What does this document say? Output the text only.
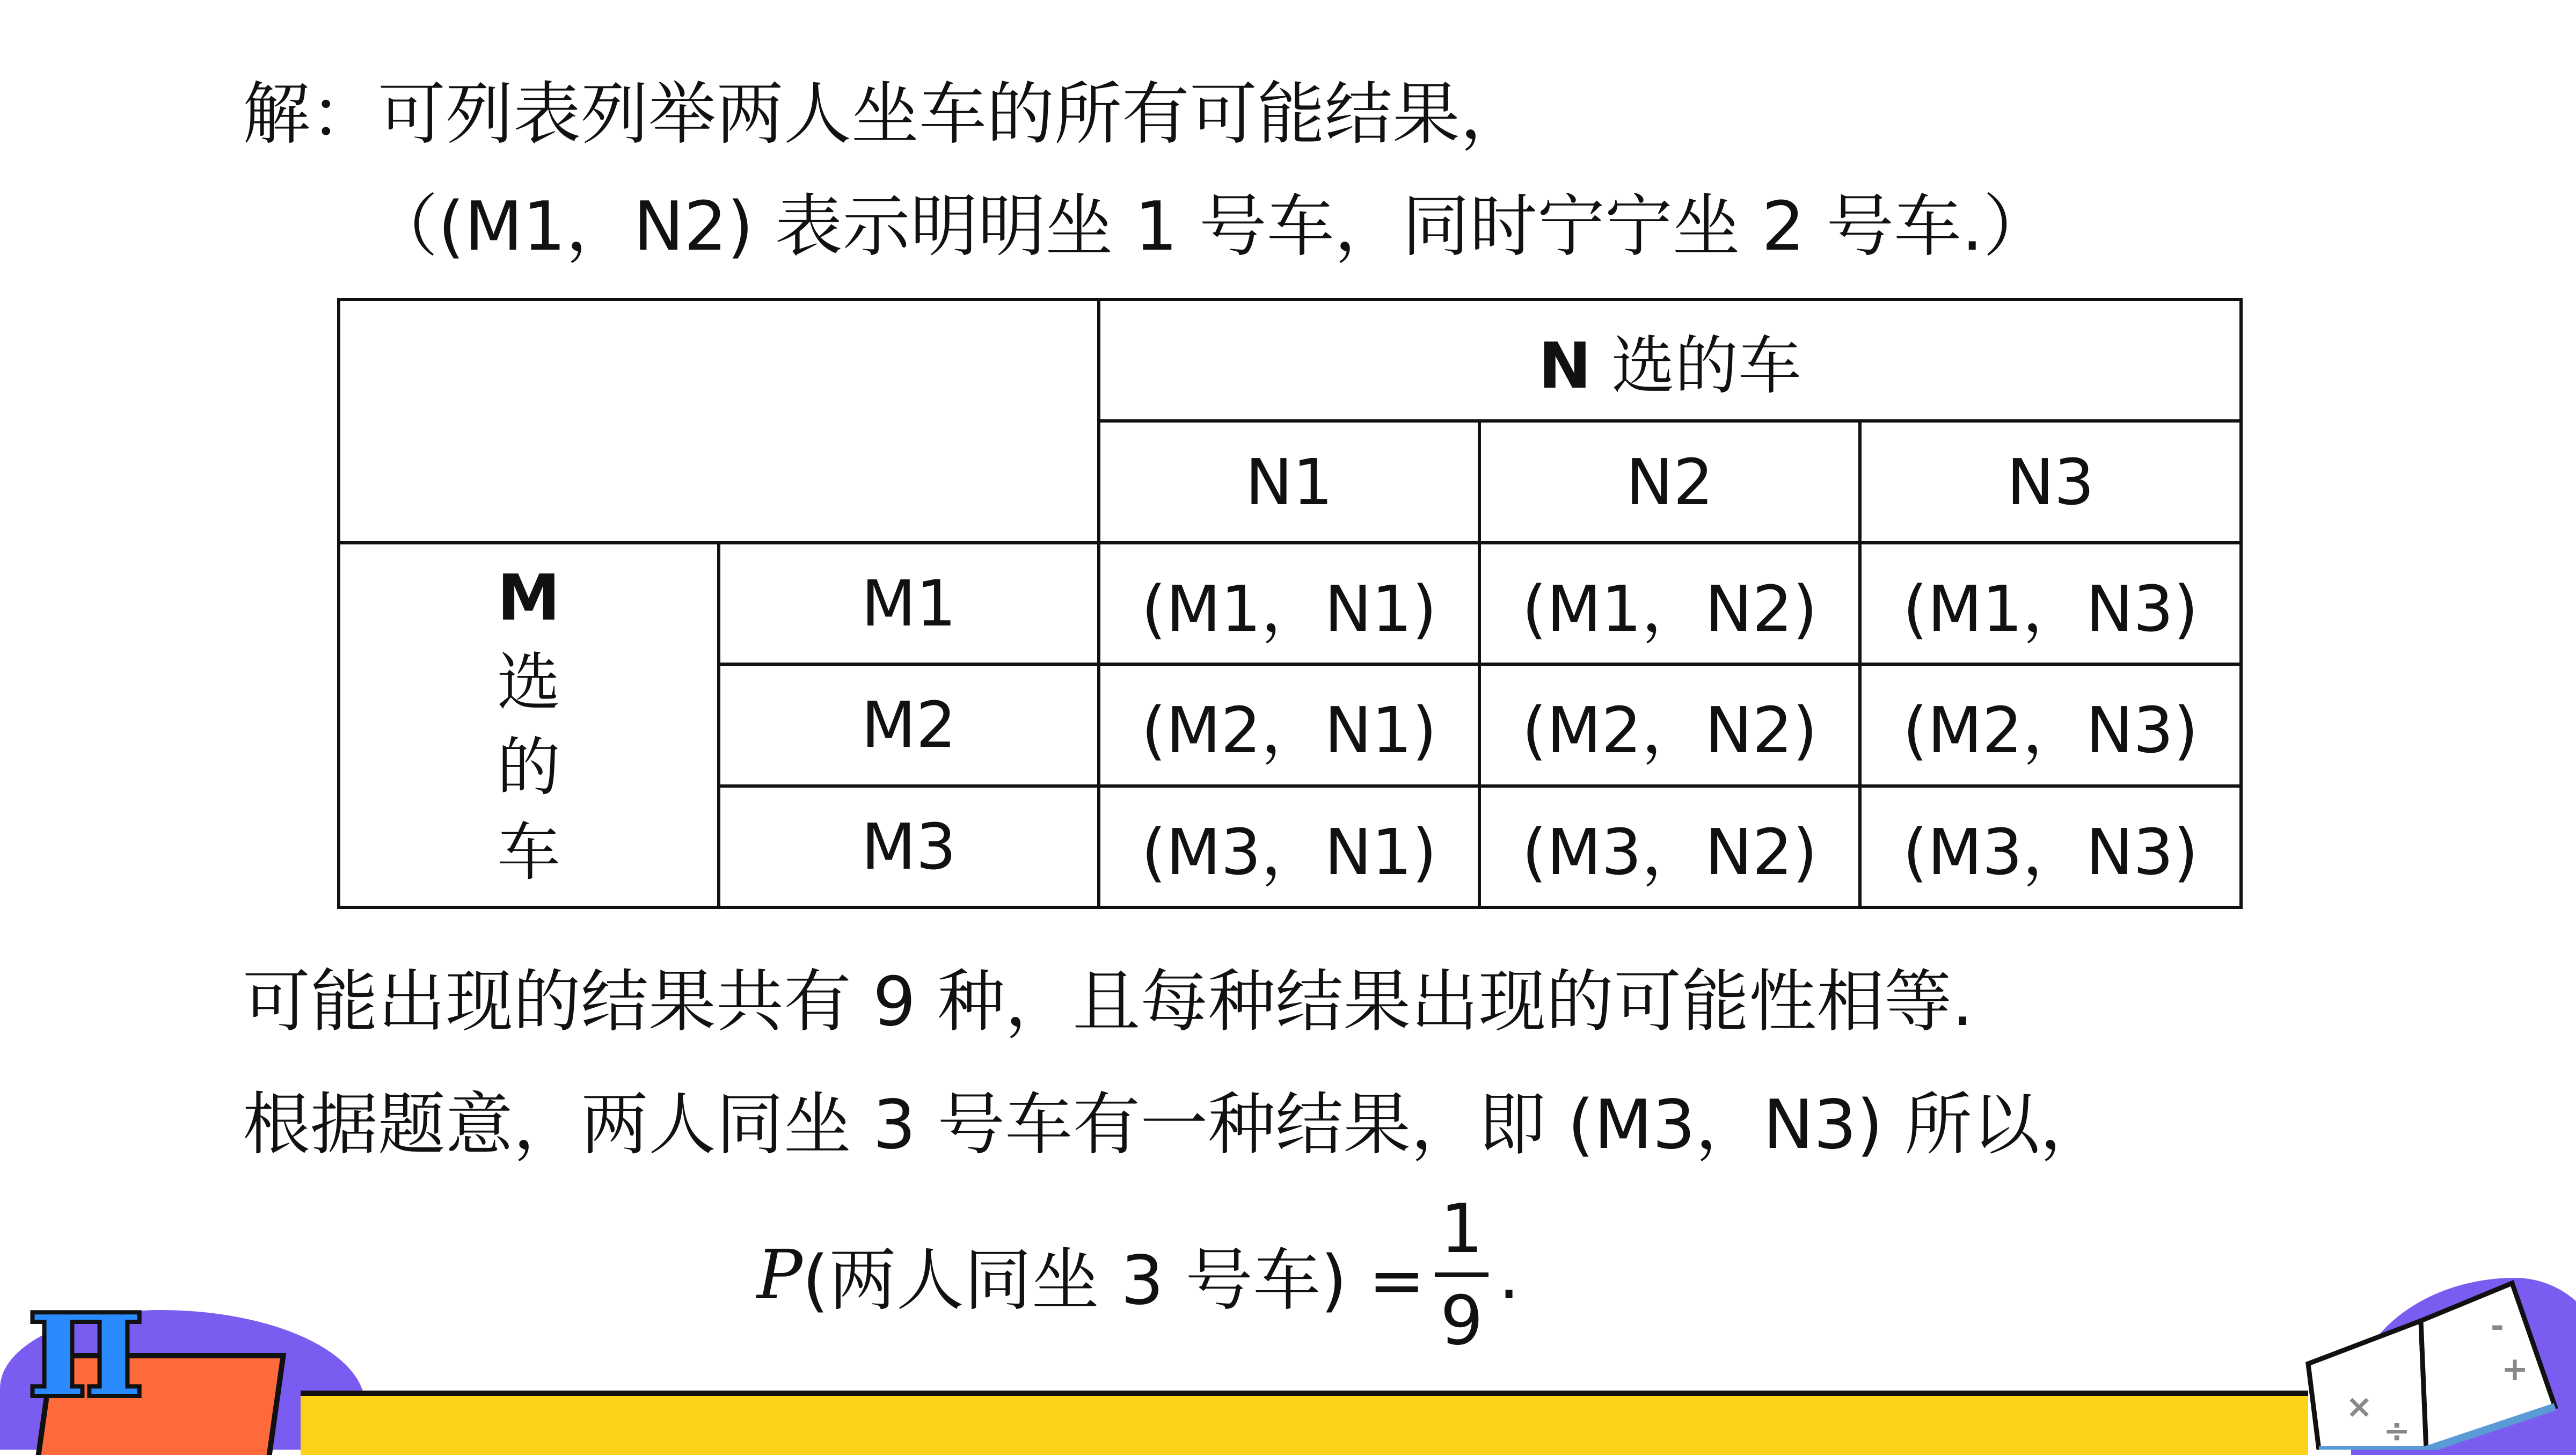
解：可列表列举两人坐车的所有可能结果，

（(M1，N2) 表示明明坐 1 号车，同时宁宁坐 2 号车.）

		N 选的车		
		N1	N2	N3

M
选
的
车	M1	(M1，N1)	(M1，N2)	(M1，N3)
	M2	(M2，N1)	(M2，N2)	(M2，N3)
	M3	(M3，N1)	(M3，N2)	(M3，N3)

可能出现的结果共有 9 种，且每种结果出现的可能性相等.

根据题意，两人同坐 3 号车有一种结果，即 (M3，N3) 所以，

P (两人同坐 3 号车) = $\frac{1}{9}$ .
π	-
+
×
÷
